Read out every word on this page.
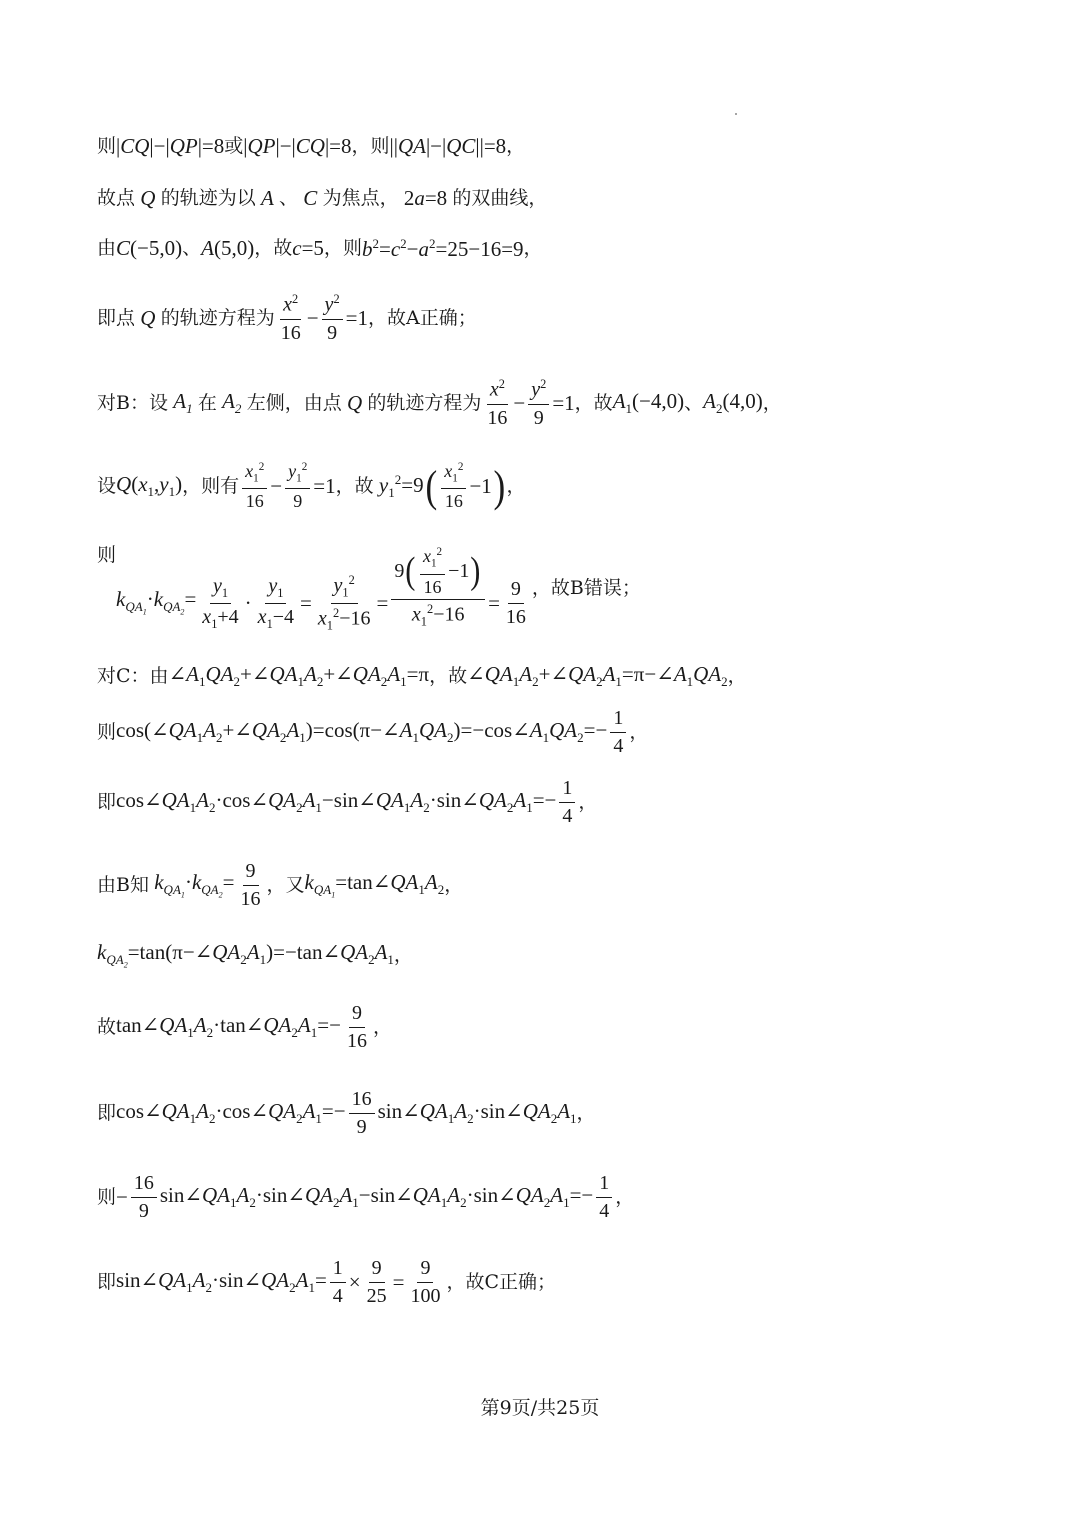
则 |CQ|−|QP|=8 或 |QP|−|CQ|=8 ， 则 ||QA|−|QC||=8 ，
故点 Q 的轨迹为以 A 、 C 为焦点， 2a=8 的双曲线，
由 C(−5,0) 、 A(5,0) ， 故 c=5 ， 则 $b^2=c^2-a^2=25-16=9$ ，
即点 Q 的轨迹方程为 $\frac{x^2}{16} - \frac{y^2}{9} =1$ ，故A正确；
对B： 设 $A_1$ 在 $A_2$ 左侧，由点 Q 的轨迹方程为 $\frac{x^2}{16} - \frac{y^2}{9} =1$ ，故 $A_1(-4,0)$ 、 $A_2(4,0)$ ，
设 $Q(x_1,y_1)$ ，则有 $\frac{x_1^2}{16} - \frac{y_1^2}{9} =1$ ， 故 $y_1^2=9$ ( $\frac{x_1^2}{16} -1$ ) ，
则
$k_{QA_1}\cdot k_{QA_2}= \frac{y_1}{x_1+4} \cdot \frac{y_1}{x_1-4} = \frac{y_1^2}{x_1^2-16} = \frac{9 ( \frac{x_1^2}{16} -1 )}{x_1^2-16} = \frac{9}{16}$ ，故B错误；
对C： 由 $\angle A_1QA_2+\angle QA_1A_2+\angle QA_2A_1=\pi$ ， 故 $\angle QA_1A_2+\angle QA_2A_1=\pi-\angle A_1QA_2$ ，
则 $\cos(\angle QA_1A_2+\angle QA_2A_1)=\cos(\pi-\angle A_1QA_2)=-\cos\angle A_1QA_2=- \frac{1}{4}$ ，
即 $\cos\angle QA_1A_2\cdot\cos\angle QA_2A_1-\sin\angle QA_1A_2\cdot\sin\angle QA_2A_1=- \frac{1}{4}$ ，
由B知 $k_{QA_1}\cdot k_{QA_2}= \frac{9}{16}$ ，又 $k_{QA_1}=\tan\angle QA_1A_2$ ，
$k_{QA_2}=\tan(\pi-\angle QA_2A_1)=-\tan\angle QA_2A_1$ ，
故 $\tan\angle QA_1A_2\cdot\tan\angle QA_2A_1=- \frac{9}{16}$ ，
即 $\cos\angle QA_1A_2\cdot\cos\angle QA_2A_1=- \frac{16}{9}$ $\sin\angle QA_1A_2\cdot\sin\angle QA_2A_1$ ，
则 − $\frac{16}{9}$ $\sin\angle QA_1A_2\cdot\sin\angle QA_2A_1-\sin\angle QA_1A_2\cdot\sin\angle QA_2A_1=- \frac{1}{4}$ ，
即 $\sin\angle QA_1A_2\cdot\sin\angle QA_2A_1= \frac{1}{4} \times \frac{9}{25} = \frac{9}{100}$ ，故C正确；
第9页/共25页
